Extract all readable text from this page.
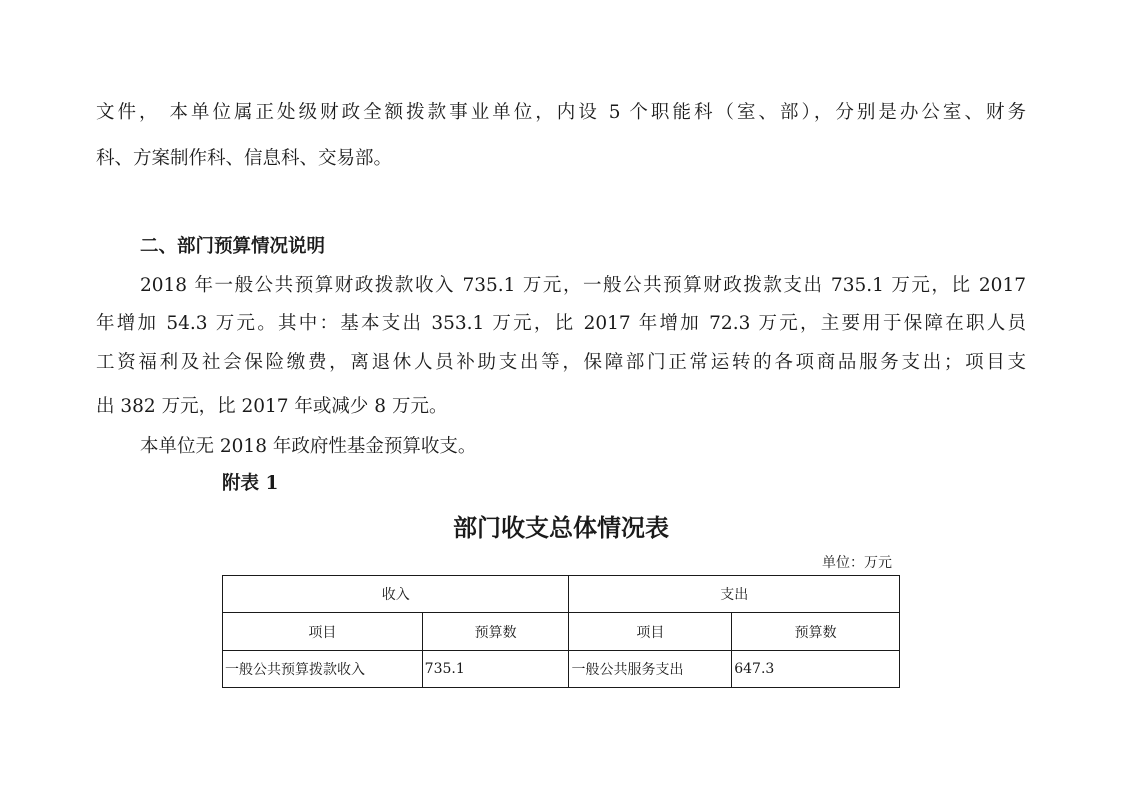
文件， 本单位属正处级财政全额拨款事业单位，内设 5 个职能科（室、部），分别是办公室、财务
科、方案制作科、信息科、交易部。
二、部门预算情况说明
2018 年一般公共预算财政拨款收入 735.1 万元，一般公共预算财政拨款支出 735.1 万元，比 2017
年增加 54.3 万元。其中：基本支出 353.1 万元，比 2017 年增加 72.3 万元，主要用于保障在职人员
工资福利及社会保险缴费，离退休人员补助支出等，保障部门正常运转的各项商品服务支出；项目支
出 382 万元，比 2017 年或减少 8 万元。
本单位无 2018 年政府性基金预算收支。
附表 1
部门收支总体情况表
单位：万元
收入		支出	
项目	预算数	项目	预算数
一般公共预算拨款收入	735.1	一般公共服务支出	647.3
